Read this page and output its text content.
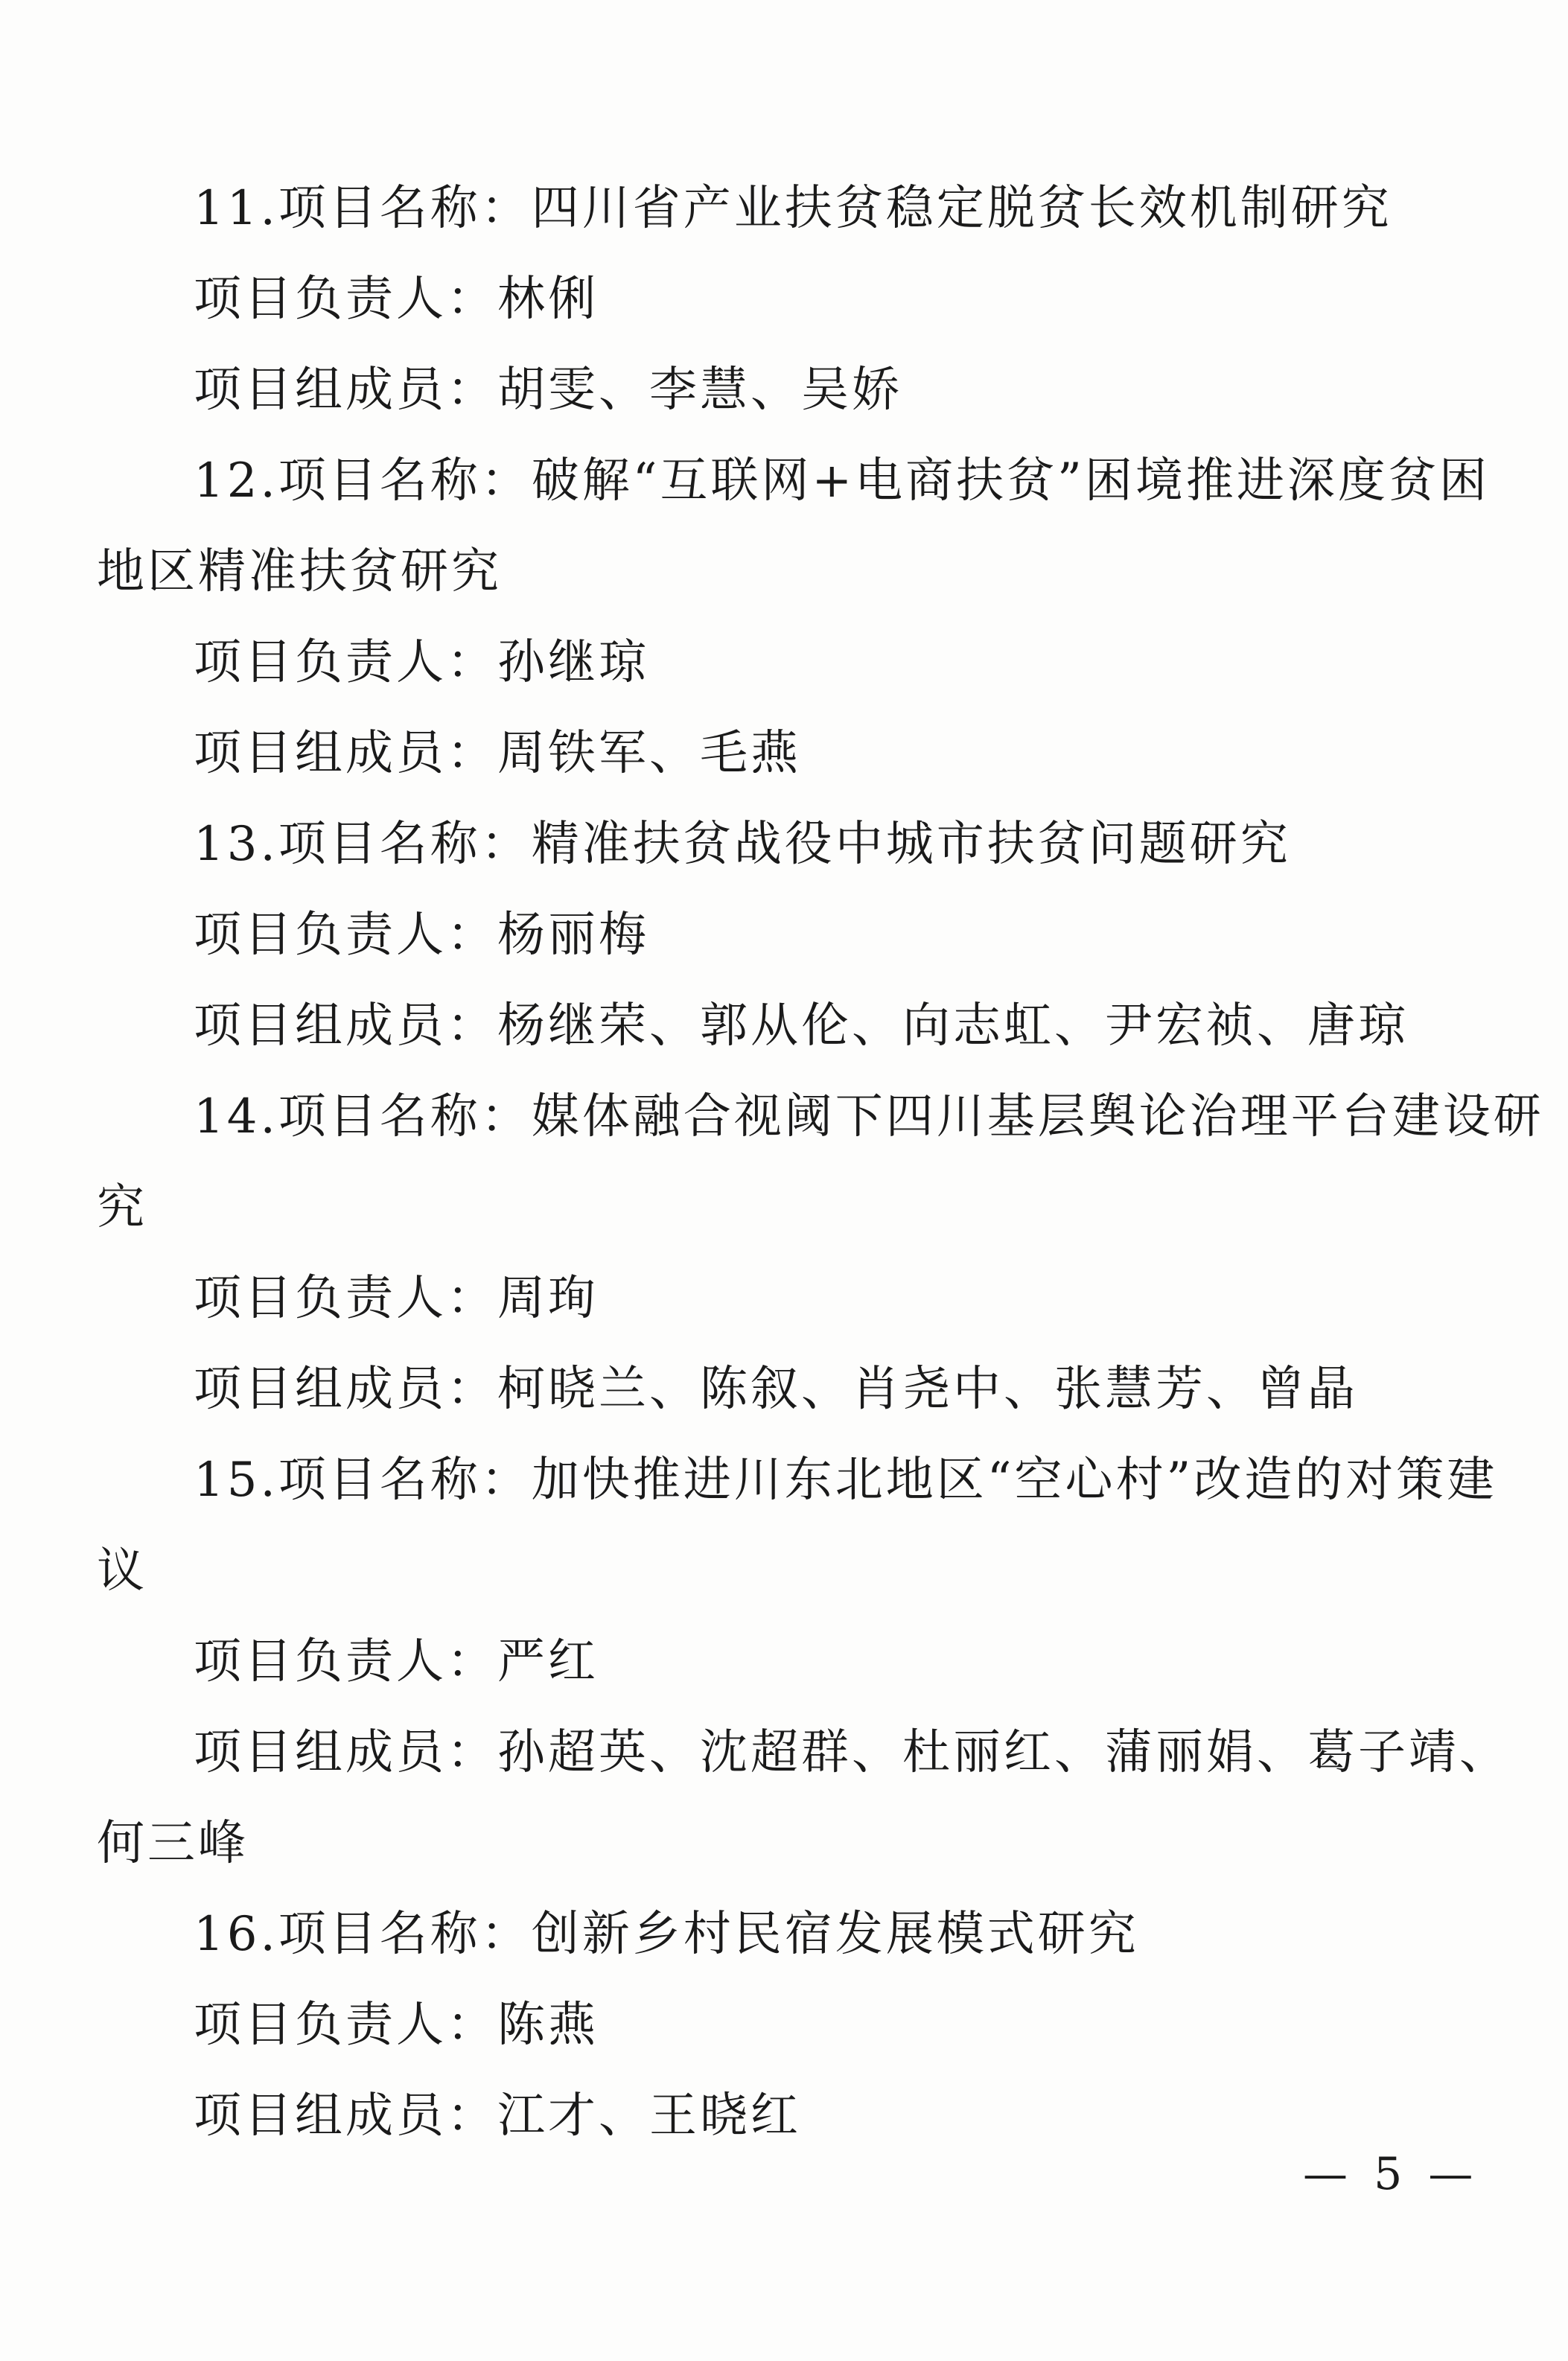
11.项目名称：四川省产业扶贫稳定脱贫长效机制研究
项目负责人：林俐
项目组成员：胡雯、李慧、吴娇
12.项目名称：破解“互联网+电商扶贫”困境推进深度贫困
地区精准扶贫研究
项目负责人：孙继琼
项目组成员：周铁军、毛燕
13.项目名称：精准扶贫战役中城市扶贫问题研究
项目负责人：杨丽梅
项目组成员：杨继荣、郭从伦、向志虹、尹宏祯、唐琼
14.项目名称：媒体融合视阈下四川基层舆论治理平台建设研
究
项目负责人：周珣
项目组成员：柯晓兰、陈叙、肖尧中、张慧芳、曾晶
15.项目名称：加快推进川东北地区“空心村”改造的对策建
议
项目负责人：严红
项目组成员：孙超英、沈超群、杜丽红、蒲丽娟、葛子靖、
何三峰
16.项目名称：创新乡村民宿发展模式研究
项目负责人：陈燕
项目组成员：江才、王晓红
— 5 —
